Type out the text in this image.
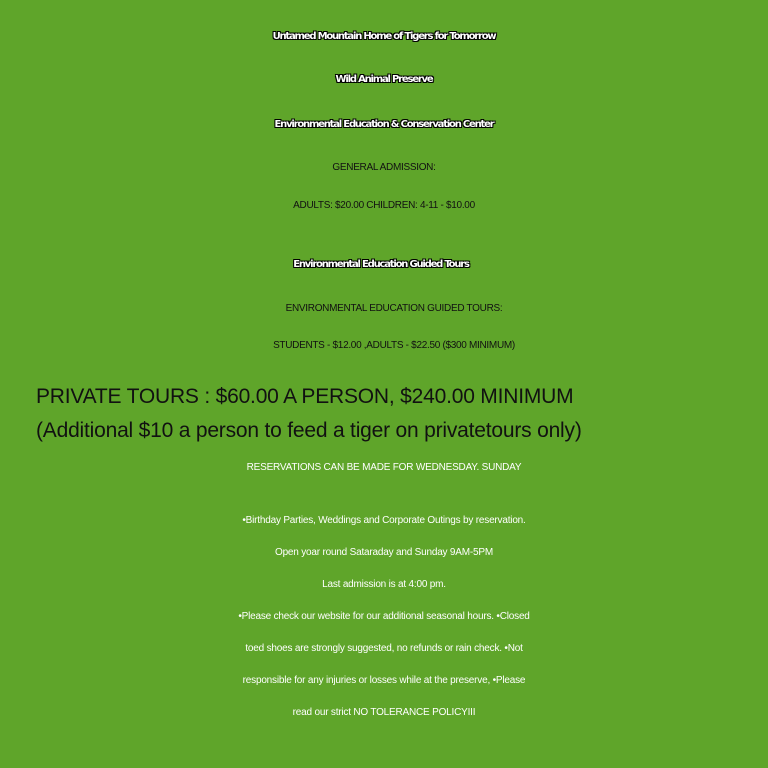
Untamed Mountain Home of Tigers for Tomorrow
Wild Animal Preserve
Environmental Education & Conservation Center
GENERAL ADMISSION:
ADULTS: $20.00 CHILDREN: 4-11 - $10.00
Environmental Education Guided Tours
ENVIRONMENTAL EDUCATION GUIDED TOURS:
STUDENTS - $12.00 ,ADULTS - $22.50 ($300 MINIMUM)
PRIVATE TOURS : $60.00 A PERSON, $240.00 MINIMUM
(Additional $10 a person to feed a tiger on privatetours only)
RESERVATIONS CAN BE MADE FOR WEDNESDAY. SUNDAY
•Birthday Parties, Weddings and Corporate Outings by reservation.
Open yoar round Sataraday and Sunday 9AM-5PM
Last admission is at 4:00 pm.
•Please check our website for our additional seasonal hours. •Closed
toed shoes are strongly suggested, no refunds or rain check. •Not
responsible for any injuries or losses while at the preserve, •Please
read our strict NO TOLERANCE POLICYIII
